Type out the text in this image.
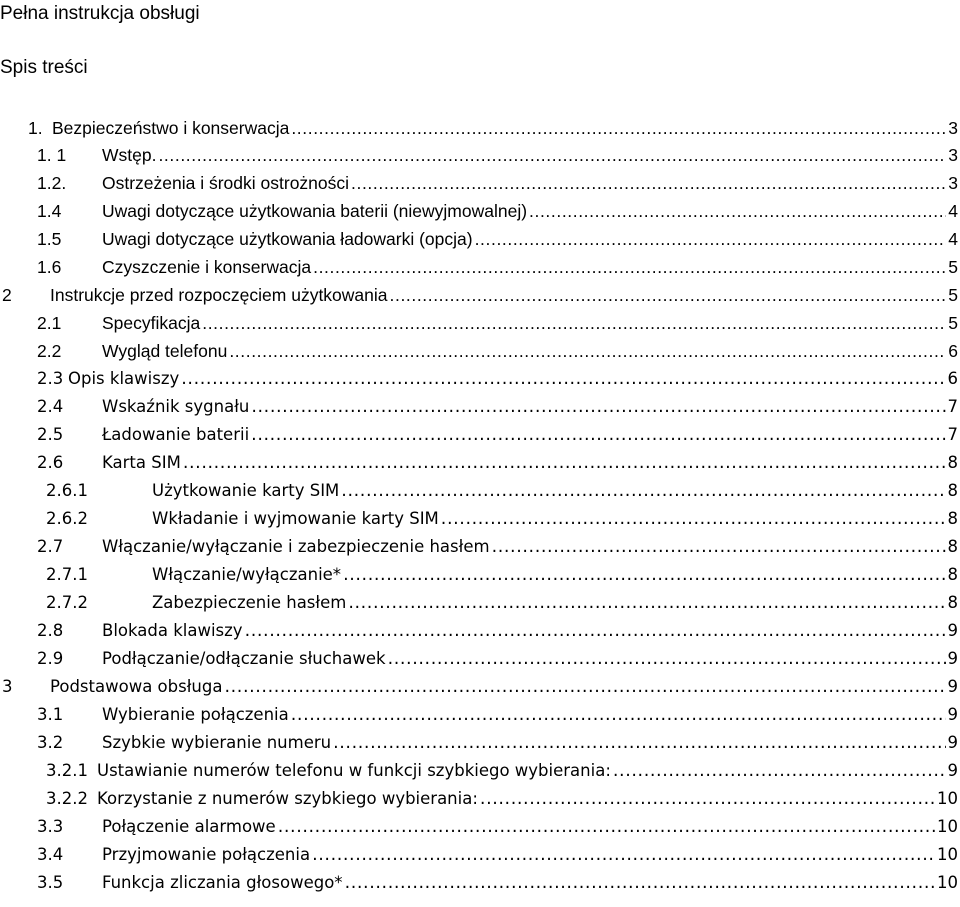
Pełna instrukcja obsługi
Spis treści
1. Bezpieczeństwo i konserwacja .....	3
1. 1	Wstęp. .....	3
1.2.	Ostrzeżenia i środki ostrożności .....	3
1.4	Uwagi dotyczące użytkowania baterii (niewyjmowalnej) .....	4
1.5	Uwagi dotyczące użytkowania ładowarki (opcja) .....	4
1.6	Czyszczenie i konserwacja .....	5
2	Instrukcje przed rozpoczęciem użytkowania .....	5
2.1	Specyfikacja .....	5
2.2	Wygląd telefonu .....	6
2.3 Opis klawiszy .....	6
2.4	Wskaźnik sygnału .....	7
2.5	Ładowanie baterii .....	7
2.6	Karta SIM .....	8
2.6.1	Użytkowanie karty SIM .....	8
2.6.2	Wkładanie i wyjmowanie karty SIM .....	8
2.7	Włączanie/wyłączanie i zabezpieczenie hasłem .....	8
2.7.1	Włączanie/wyłączanie* .....	8
2.7.2	Zabezpieczenie hasłem .....	8
2.8	Blokada klawiszy .....	9
2.9	Podłączanie/odłączanie słuchawek .....	9
3	Podstawowa obsługa .....	9
3.1	Wybieranie połączenia .....	9
3.2	Szybkie wybieranie numeru .....	9
3.2.1 Ustawianie numerów telefonu w funkcji szybkiego wybierania: .....	9
3.2.2 Korzystanie z numerów szybkiego wybierania: .....	10
3.3	Połączenie alarmowe .....	10
3.4	Przyjmowanie połączenia .....	10
3.5	Funkcja zliczania głosowego* .....	10
